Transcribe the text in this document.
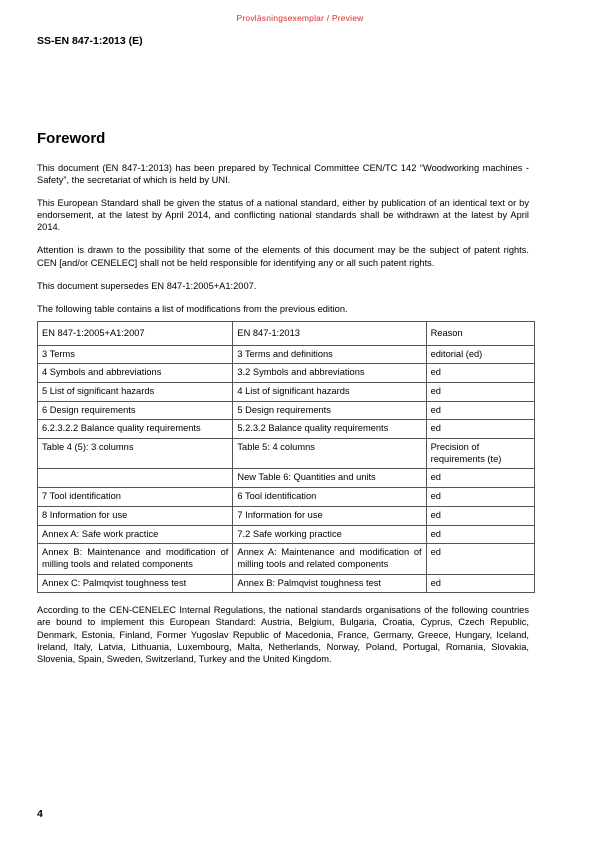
Provläsningsexemplar / Preview
SS-EN 847-1:2013 (E)
Foreword

This document (EN 847-1:2013) has been prepared by Technical Committee CEN/TC 142 “Woodworking machines - Safety”, the secretariat of which is held by UNI.

This European Standard shall be given the status of a national standard, either by publication of an identical text or by endorsement, at the latest by April 2014, and conflicting national standards shall be withdrawn at the latest by April 2014.

Attention is drawn to the possibility that some of the elements of this document may be the subject of patent rights. CEN [and/or CENELEC] shall not be held responsible for identifying any or all such patent rights.

This document supersedes EN 847-1:2005+A1:2007.

The following table contains a list of modifications from the previous edition.

EN 847-1:2005+A1:2007	EN 847-1:2013	Reason
3 Terms	3 Terms and definitions	editorial (ed)
4 Symbols and abbreviations	3.2 Symbols and abbreviations	ed
5 List of significant hazards	4 List of significant hazards	ed
6 Design requirements	5 Design requirements	ed
6.2.3.2.2 Balance quality requirements	5.2.3.2 Balance quality requirements	ed
Table 4 (5): 3 columns	Table 5: 4 columns	Precision of requirements (te)
	New Table 6: Quantities and units	ed
7 Tool identification	6 Tool identification	ed
8 Information for use	7 Information for use	ed
Annex A: Safe work practice	7.2 Safe working practice	ed
Annex B: Maintenance and modification of milling tools and related components	Annex A: Maintenance and modification of milling tools and related components	ed
Annex C: Palmqvist toughness test	Annex B: Palmqvist toughness test	ed

According to the CEN-CENELEC Internal Regulations, the national standards organisations of the following countries are bound to implement this European Standard: Austria, Belgium, Bulgaria, Croatia, Cyprus, Czech Republic, Denmark, Estonia, Finland, Former Yugoslav Republic of Macedonia, France, Germany, Greece, Hungary, Iceland, Ireland, Italy, Latvia, Lithuania, Luxembourg, Malta, Netherlands, Norway, Poland, Portugal, Romania, Slovakia, Slovenia, Spain, Sweden, Switzerland, Turkey and the United Kingdom.

4
